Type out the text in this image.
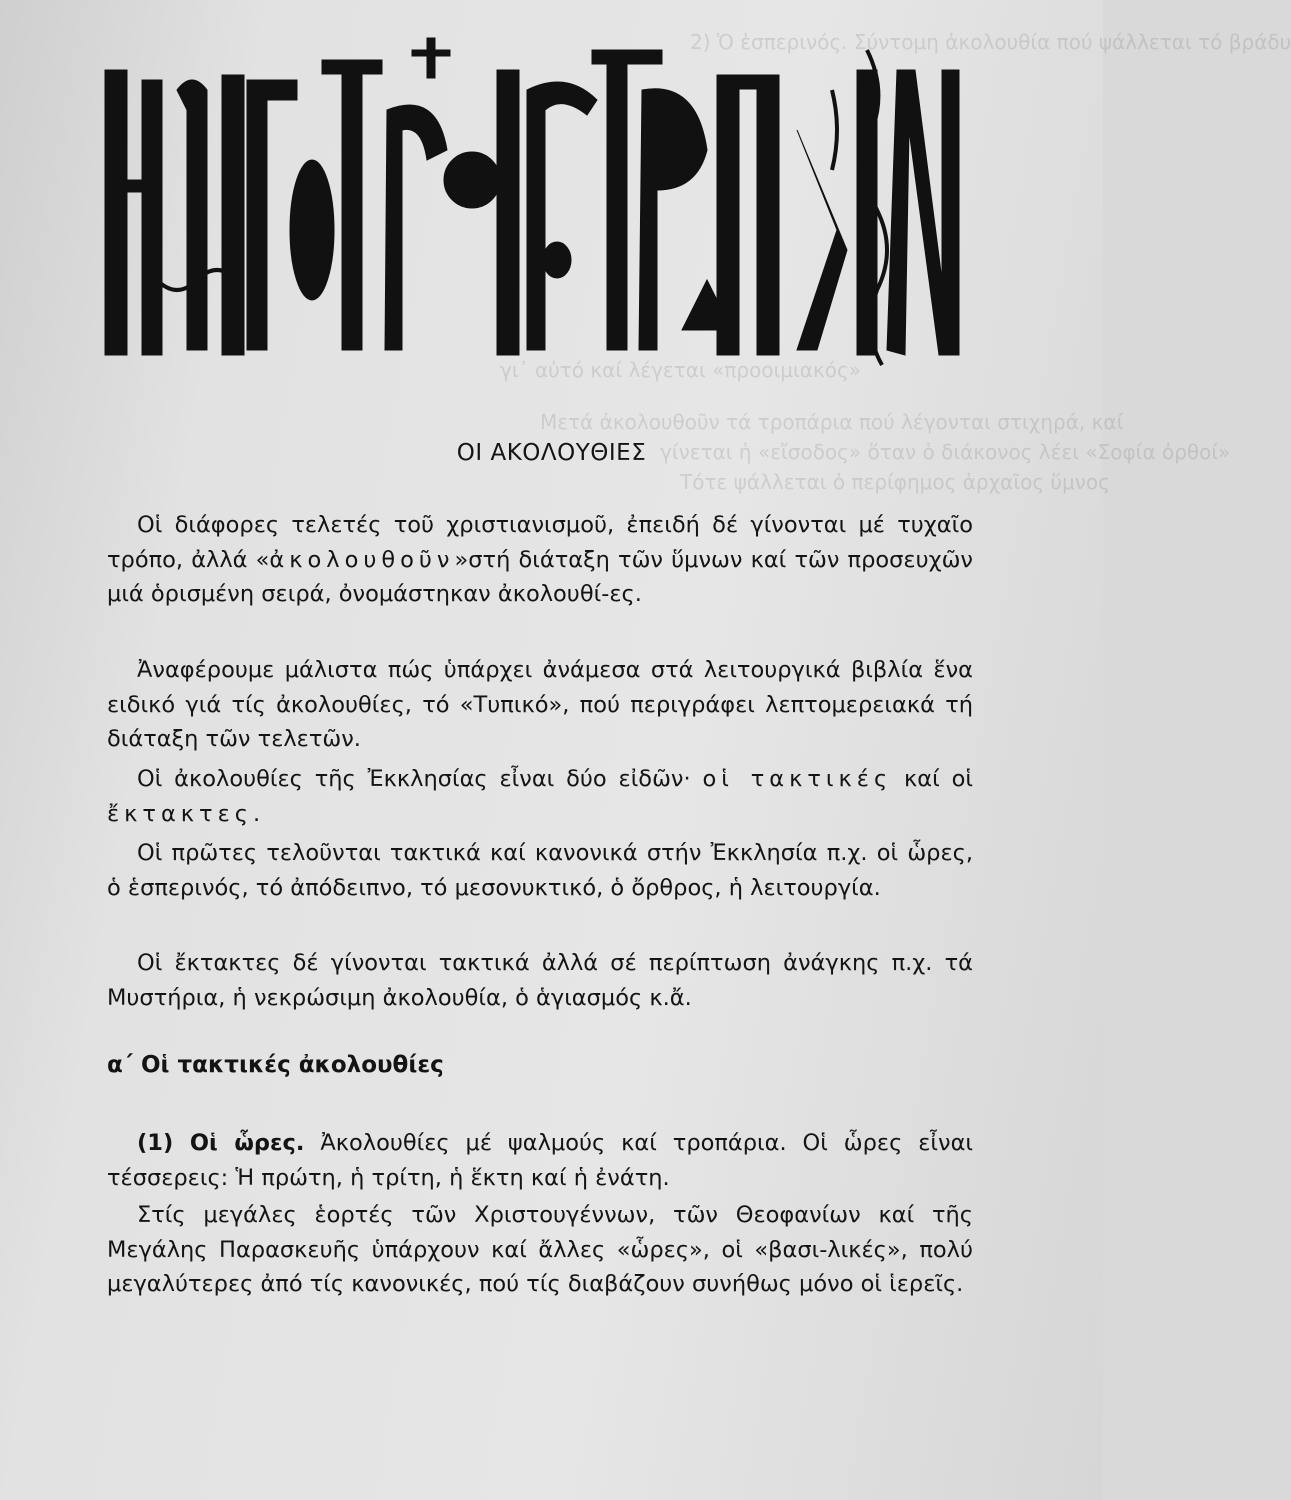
2) Ὁ ἑσπερινός. Σύντομη ἀκολουθία πού ψάλλεται τό βράδυ
γι᾽ αὐτό καί λέγεται «προοιμιακός»
Μετά ἀκολουθοῦν τά τροπάρια πού λέγονται στιχηρά, καί
γίνεται ἡ «εἴσοδος» ὅταν ὁ διάκονος λέει «Σοφία ὀρθοί»
Τότε ψάλλεται ὁ περίφημος ἀρχαῖος ὕμνος
ΟΙ ΑΚΟΛΟΥΘΙΕΣ
Οἱ διάφορες τελετές τοῦ χριστιανισμοῦ, ἐπειδή δέ γίνονται μέ τυχαῖο τρόπο, ἀλλά «ἀκολουθοῦν»στή διάταξη τῶν ὕμνων καί τῶν προσευχῶν μιά ὁρισμένη σειρά, ὀνομάστηκαν ἀκολουθί-ες.
Ἀναφέρουμε μάλιστα πώς ὑπάρχει ἀνάμεσα στά λειτουργικά βιβλία ἕνα ειδικό γιά τίς ἀκολουθίες, τό «Τυπικό», πού περιγράφει λεπτομερειακά τή διάταξη τῶν τελετῶν.
Οἱ ἀκολουθίες τῆς Ἐκκλησίας εἶναι δύο εἰδῶν· οἱ τακτικές καί οἱ ἔκτακτες.
Οἱ πρῶτες τελοῦνται τακτικά καί κανονικά στήν Ἐκκλησία π.χ. οἱ ὧρες, ὁ ἑσπερινός, τό ἀπόδειπνο, τό μεσονυκτικό, ὁ ὄρθρος, ἡ λειτουργία.
Οἱ ἔκτακτες δέ γίνονται τακτικά ἀλλά σέ περίπτωση ἀνάγκης π.χ. τά Μυστήρια, ἡ νεκρώσιμη ἀκολουθία, ὁ ἁγιασμός κ.ἄ.
α΄ Οἱ τακτικές ἀκολουθίες
(1) Οἱ ὧρες. Ἀκολουθίες μέ ψαλμούς καί τροπάρια. Οἱ ὧρες εἶναι τέσσερεις: Ἡ πρώτη, ἡ τρίτη, ἡ ἕκτη καί ἡ ἐνάτη.
Στίς μεγάλες ἑορτές τῶν Χριστουγέννων, τῶν Θεοφανίων καί τῆς Μεγάλης Παρασκευῆς ὑπάρχουν καί ἄλλες «ὧρες», οἱ «βασι-λικές», πολύ μεγαλύτερες ἀπό τίς κανονικές, πού τίς διαβάζουν συνήθως μόνο οἱ ἱερεῖς.
